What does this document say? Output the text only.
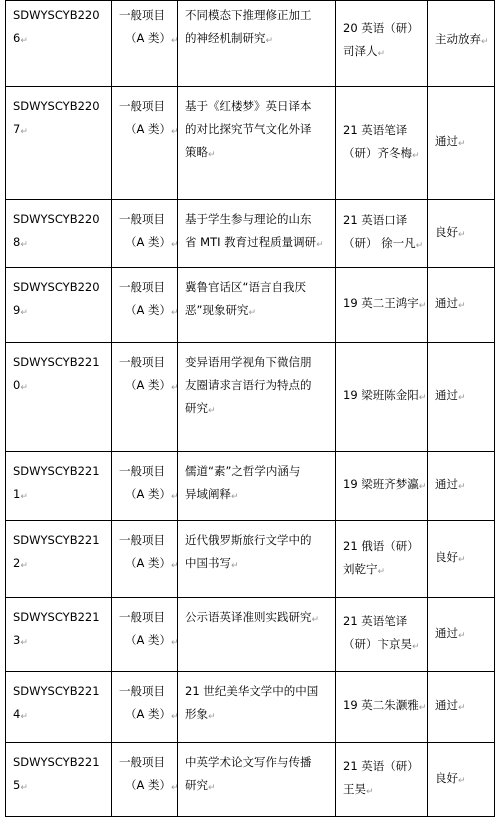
SDWYSCYB220
6↵	一般项目
（A 类）↵	不同模态下推理修正加工
的神经机制研究↵	20 英语（研）
司泽人↵	主动放弃↵

SDWYSCYB220
7↵	一般项目
（A 类）↵	基于《红楼梦》英日译本
的对比探究节气文化外译
策略↵	21 英语笔译
（研）齐冬梅↵	通过↵

SDWYSCYB220
8↵	一般项目
（A 类）↵	基于学生参与理论的山东
省 MTI 教育过程质量调研↵	21 英语口译
（研） 徐一凡↵	良好↵

SDWYSCYB220
9↵	一般项目
（A 类）↵	冀鲁官话区“语言自我厌
恶”现象研究↵	19 英二王鸿宇↵	通过↵

SDWYSCYB221
0↵	一般项目
（A 类）↵	变异语用学视角下微信朋
友圈请求言语行为特点的
研究↵	19 梁班陈金阳↵	通过↵

SDWYSCYB221
1↵	一般项目
（A 类）↵	儒道“素”之哲学内涵与
异域阐释↵	19 梁班齐梦瀛↵	通过↵

SDWYSCYB221
2↵	一般项目
（A 类）↵	近代俄罗斯旅行文学中的
中国书写↵	21 俄语（研）
刘乾宁↵	良好↵

SDWYSCYB221
3↵	一般项目
（A 类）↵	公示语英译准则实践研究↵	21 英语笔译
（研）卞京昊↵	通过↵

SDWYSCYB221
4↵	一般项目
（A 类）↵	21 世纪美华文学中的中国
形象↵	19 英二朱灏雅↵	通过↵

SDWYSCYB221
5↵	一般项目
（A 类）↵	中英学术论文写作与传播
研究↵	21 英语（研）
王昊↵	良好↵
